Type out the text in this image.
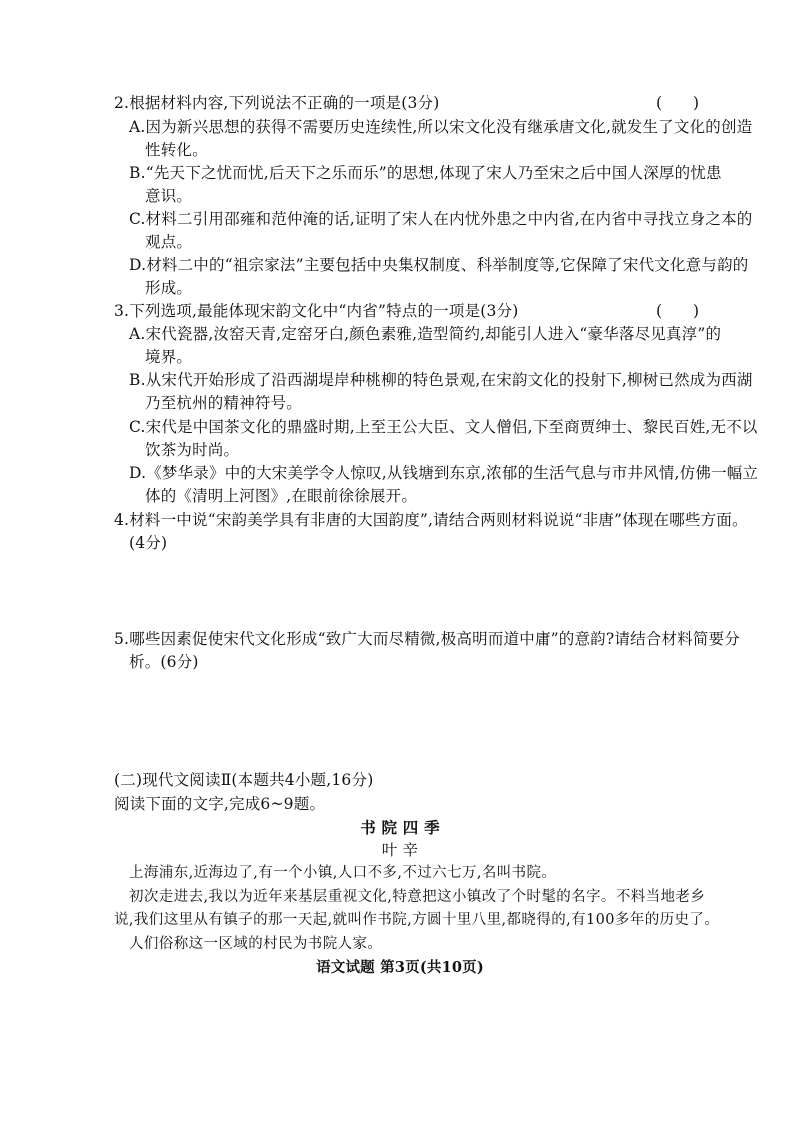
2.根据材料内容,下列说法不正确的一项是(3分)	(　　)
A.因为新兴思想的获得不需要历史连续性,所以宋文化没有继承唐文化,就发生了文化的创造
性转化。
B.“先天下之忧而忧,后天下之乐而乐”的思想,体现了宋人乃至宋之后中国人深厚的忧患
意识。
C.材料二引用邵雍和范仲淹的话,证明了宋人在内忧外患之中内省,在内省中寻找立身之本的
观点。
D.材料二中的“祖宗家法”主要包括中央集权制度、科举制度等,它保障了宋代文化意与韵的
形成。
3.下列选项,最能体现宋韵文化中“内省”特点的一项是(3分)	(　　)
A.宋代瓷器,汝窑天青,定窑牙白,颜色素雅,造型简约,却能引人进入“豪华落尽见真淳”的
境界。
B.从宋代开始形成了沿西湖堤岸种桃柳的特色景观,在宋韵文化的投射下,柳树已然成为西湖
乃至杭州的精神符号。
C.宋代是中国茶文化的鼎盛时期,上至王公大臣、文人僧侣,下至商贾绅士、黎民百姓,无不以
饮茶为时尚。
D.《梦华录》中的大宋美学令人惊叹,从钱塘到东京,浓郁的生活气息与市井风情,仿佛一幅立
体的《清明上河图》,在眼前徐徐展开。
4.材料一中说“宋韵美学具有非唐的大国韵度”,请结合两则材料说说“非唐”体现在哪些方面。
(4分)
5.哪些因素促使宋代文化形成“致广大而尽精微,极高明而道中庸”的意韵?请结合材料简要分
析。(6分)
(二)现代文阅读Ⅱ(本题共4小题,16分)
阅读下面的文字,完成6~9题。
书 院 四 季
叶 辛
上海浦东,近海边了,有一个小镇,人口不多,不过六七万,名叫书院。
初次走进去,我以为近年来基层重视文化,特意把这小镇改了个时髦的名字。不料当地老乡
说,我们这里从有镇子的那一天起,就叫作书院,方圆十里八里,都晓得的,有100多年的历史了。
人们俗称这一区域的村民为书院人家。
语文试题 第3页(共10页)
